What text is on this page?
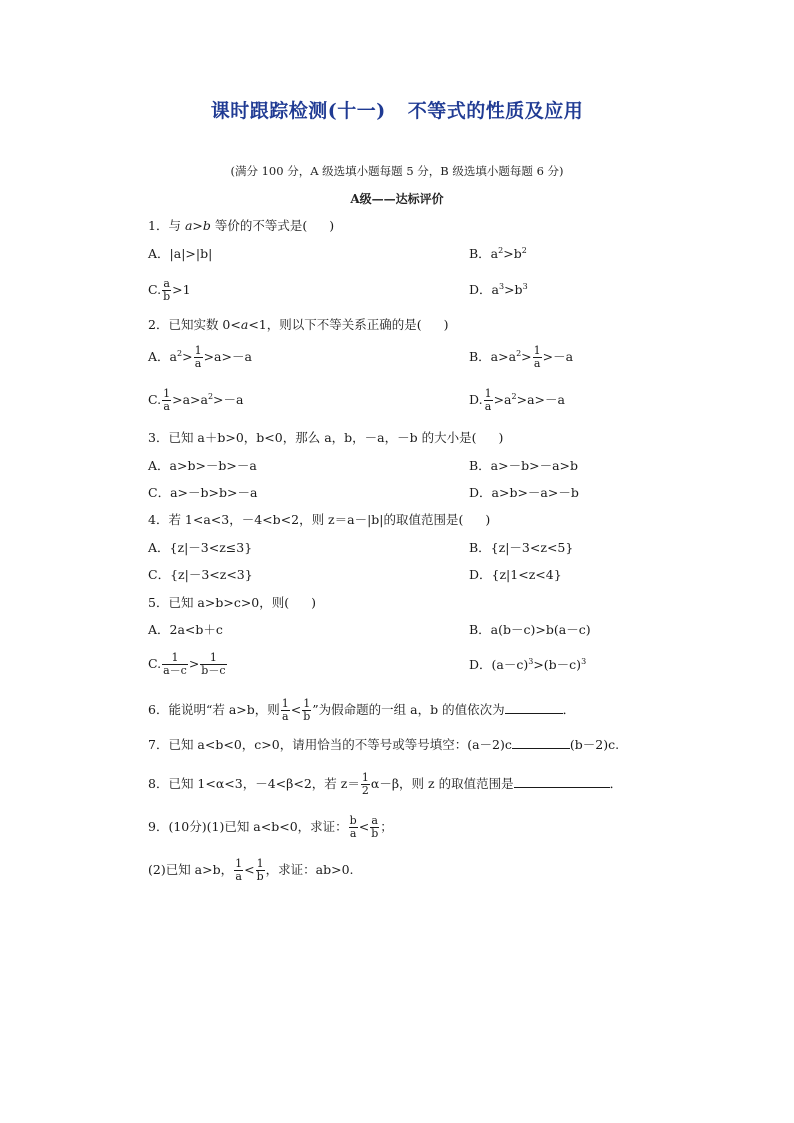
课时跟踪检测(十一) 不等式的性质及应用
(满分 100 分，A 级选填小题每题 5 分，B 级选填小题每题 6 分)
A级——达标评价
1．与 a>b 等价的不等式是( )
A．|a|>|b|	B．$a^2>b^2$
C. $\frac{a}{b} >1$	D．$a^3>b^3$
2．已知实数 0<a<1，则以下不等关系正确的是( )
A．$a^2> \frac{1}{a} >a>-a$	B．$a>a^2> \frac{1}{a} >-a$
C. $\frac{1}{a} >a>a^2>-a$	D. $\frac{1}{a} >a^2>a>-a$
3．已知 a＋b>0，b<0，那么 a，b，－a，－b 的大小是( )
A．a>b>－b>－a	B．a>－b>－a>b
C．a>－b>b>－a	D．a>b>－a>－b
4．若 1<a<3，－4<b<2，则 z＝a－|b|的取值范围是( )
A．{z|－3<z≤3}	B．{z|－3<z<5}
C．{z|－3<z<3}	D．{z|1<z<4}
5．已知 a>b>c>0，则( )
A．2a<b＋c	B．a(b－c)>b(a－c)
C. $\frac{1}{a-c} > \frac{1}{b-c}$	D．$(a-c)^3>(b-c)^3$
6．能说明“若 a>b，则 $\frac{1}{a} < \frac{1}{b}$ ”为假命题的一组 a，b 的值依次为	．
7．已知 a<b<0，c>0，请用恰当的不等号或等号填空：(a－2)c	(b－2)c.
8．已知 1<α<3，－4<β<2，若 $z= \frac{1}{2} \alpha-\beta$，则 z 的取值范围是	．
9．(10分)(1)已知 a<b<0，求证： $\frac{b}{a} < \frac{a}{b}$ ；
(2)已知 a>b， $\frac{1}{a} < \frac{1}{b}$ ，求证：ab>0.
